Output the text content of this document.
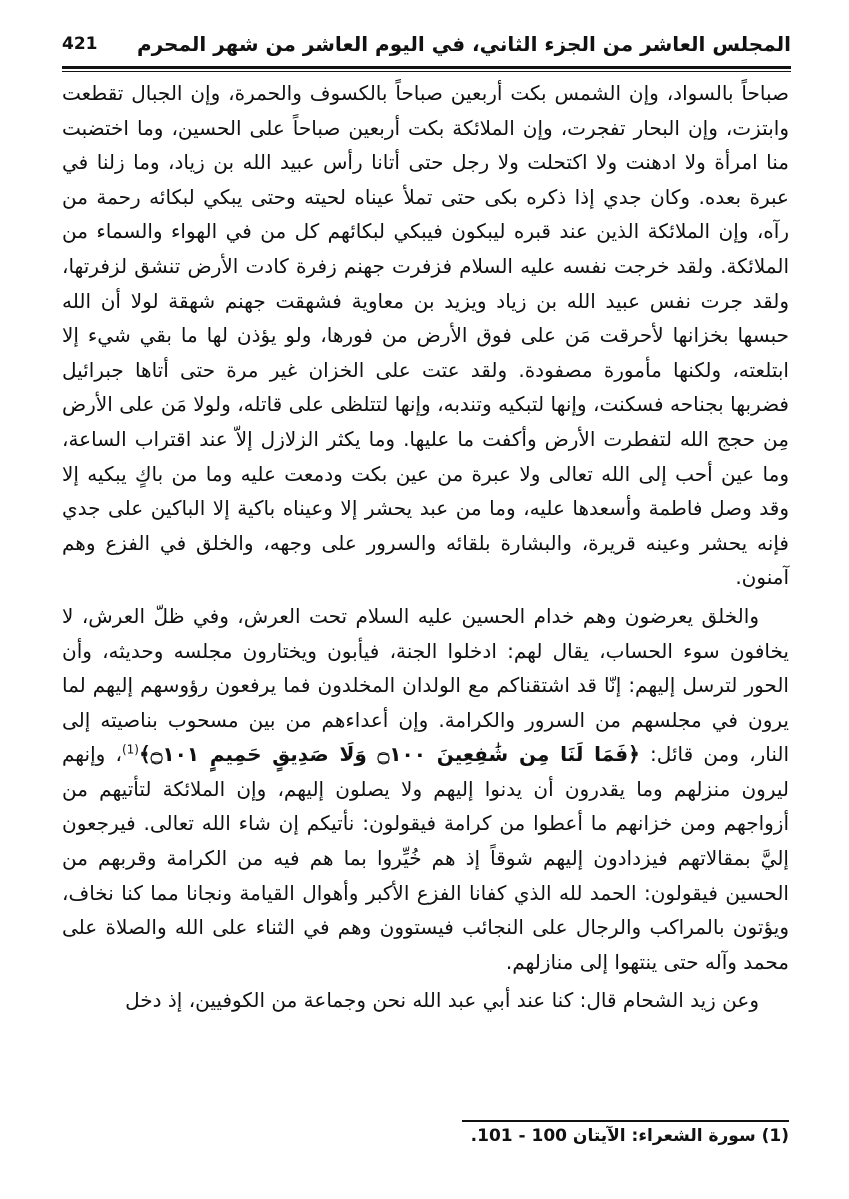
المجلس العاشر من الجزء الثاني، في اليوم العاشر من شهر المحرم
421

صباحاً بالسواد، وإن الشمس بكت أربعين صباحاً بالكسوف والحمرة، وإن الجبال تقطعت وابتزت، وإن البحار تفجرت، وإن الملائكة بكت أربعين صباحاً على الحسين، وما اختضبت منا امرأة ولا ادهنت ولا اكتحلت ولا رجل حتى أتانا رأس عبيد الله بن زياد، وما زلنا في عبرة بعده. وكان جدي إذا ذكره بكى حتى تملأ عيناه لحيته وحتى يبكي لبكائه رحمة من رآه، وإن الملائكة الذين عند قبره ليبكون فيبكي لبكائهم كل من في الهواء والسماء من الملائكة. ولقد خرجت نفسه عليه السلام فزفرت جهنم زفرة كادت الأرض تنشق لزفرتها، ولقد جرت نفس عبيد الله بن زياد ويزيد بن معاوية فشهقت جهنم شهقة لولا أن الله حبسها بخزانها لأحرقت مَن على فوق الأرض من فورها، ولو يؤذن لها ما بقي شيء إلا ابتلعته، ولكنها مأمورة مصفودة. ولقد عتت على الخزان غير مرة حتى أتاها جبرائيل فضربها بجناحه فسكنت، وإنها لتبكيه وتندبه، وإنها لتتلظى على قاتله، ولولا مَن على الأرض مِن حجج الله لتفطرت الأرض وأكفت ما عليها. وما يكثر الزلازل إلاّ عند اقتراب الساعة، وما عين أحب إلى الله تعالى ولا عبرة من عين بكت ودمعت عليه وما من باكٍ يبكيه إلا وقد وصل فاطمة وأسعدها عليه، وما من عبد يحشر إلا وعيناه باكية إلا الباكين على جدي فإنه يحشر وعينه قريرة، والبشارة بلقائه والسرور على وجهه، والخلق في الفزع وهم آمنون.

والخلق يعرضون وهم خدام الحسين عليه السلام تحت العرش، وفي ظلّ العرش، لا يخافون سوء الحساب، يقال لهم: ادخلوا الجنة، فيأبون ويختارون مجلسه وحديثه، وأن الحور لترسل إليهم: إنّا قد اشتقناكم مع الولدان المخلدون فما يرفعون رؤوسهم إليهم لما يرون في مجلسهم من السرور والكرامة. وإن أعداءهم من بين مسحوب بناصيته إلى النار، ومن قائل: ﴿فَمَا لَنَا مِن شَٰفِعِينَ ۝١٠٠ وَلَا صَدِيقٍ حَمِيمٍ ۝١٠١﴾$^{(1)}$، وإنهم ليرون منزلهم وما يقدرون أن يدنوا إليهم ولا يصلون إليهم، وإن الملائكة لتأتيهم من أزواجهم ومن خزانهم ما أعطوا من كرامة فيقولون: نأتيكم إن شاء الله تعالى. فيرجعون إليَّ بمقالاتهم فيزدادون إليهم شوقاً إذ هم خُيِّروا بما هم فيه من الكرامة وقربهم من الحسين فيقولون: الحمد لله الذي كفانا الفزع الأكبر وأهوال القيامة ونجانا مما كنا نخاف، ويؤتون بالمراكب والرجال على النجائب فيستوون وهم في الثناء على الله والصلاة على محمد وآله حتى ينتهوا إلى منازلهم.

وعن زيد الشحام قال: كنا عند أبي عبد الله نحن وجماعة من الكوفيين، إذ دخل

(1) سورة الشعراء: الآيتان 100 - 101.
